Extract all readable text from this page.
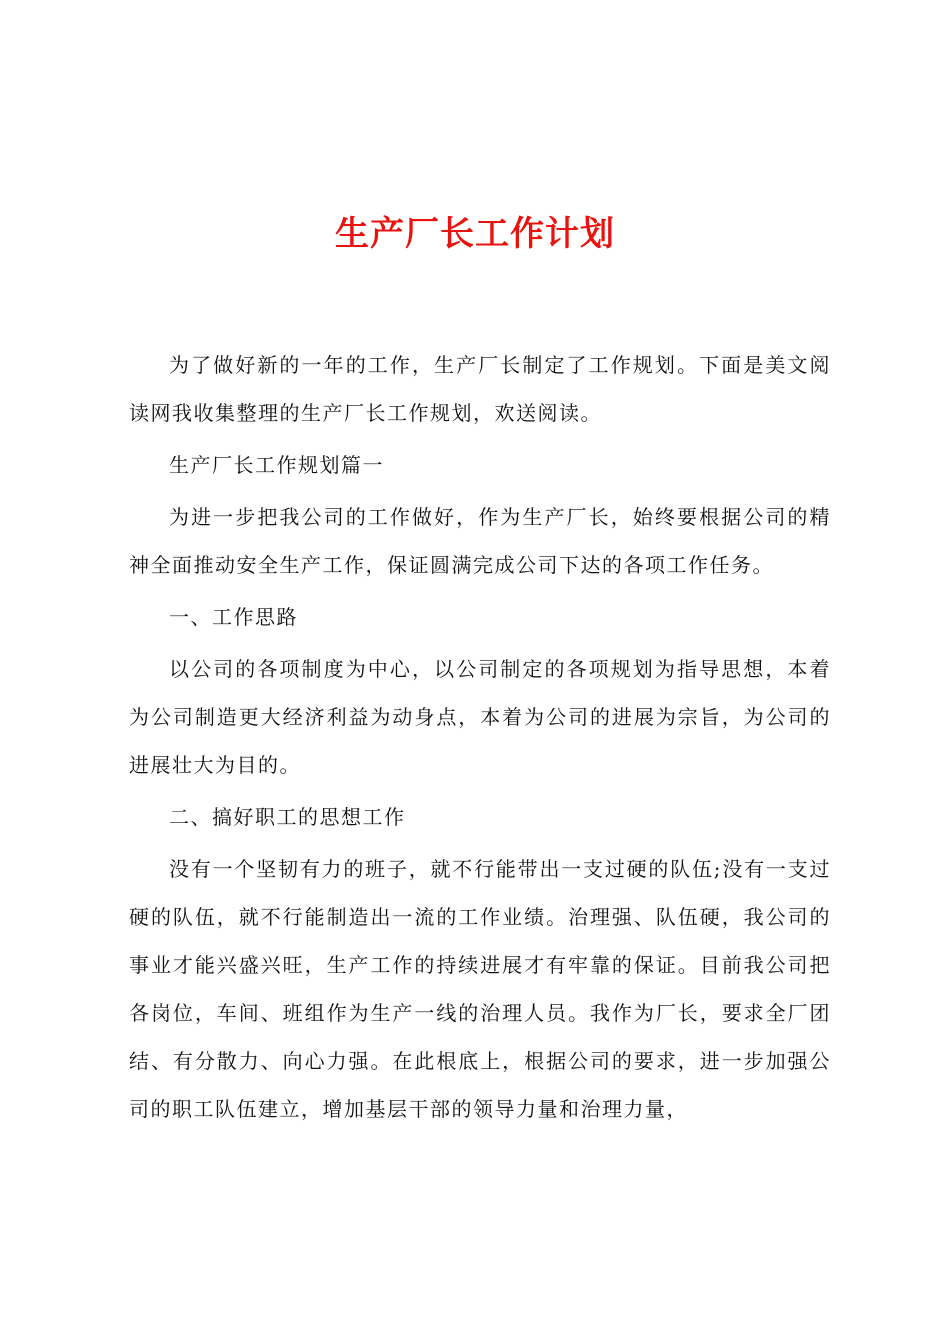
生产厂长工作计划

为了做好新的一年的工作，生产厂长制定了工作规划。下面是美文阅读网我收集整理的生产厂长工作规划，欢送阅读。

生产厂长工作规划篇一

为进一步把我公司的工作做好，作为生产厂长，始终要根据公司的精神全面推动安全生产工作，保证圆满完成公司下达的各项工作任务。

一、工作思路

以公司的各项制度为中心，以公司制定的各项规划为指导思想，本着为公司制造更大经济利益为动身点，本着为公司的进展为宗旨，为公司的进展壮大为目的。

二、搞好职工的思想工作

没有一个坚韧有力的班子，就不行能带出一支过硬的队伍;没有一支过硬的队伍，就不行能制造出一流的工作业绩。治理强、队伍硬，我公司的事业才能兴盛兴旺，生产工作的持续进展才有牢靠的保证。目前我公司把各岗位，车间、班组作为生产一线的治理人员。我作为厂长，要求全厂团结、有分散力、向心力强。在此根底上，根据公司的要求，进一步加强公司的职工队伍建立，增加基层干部的领导力量和治理力量，
